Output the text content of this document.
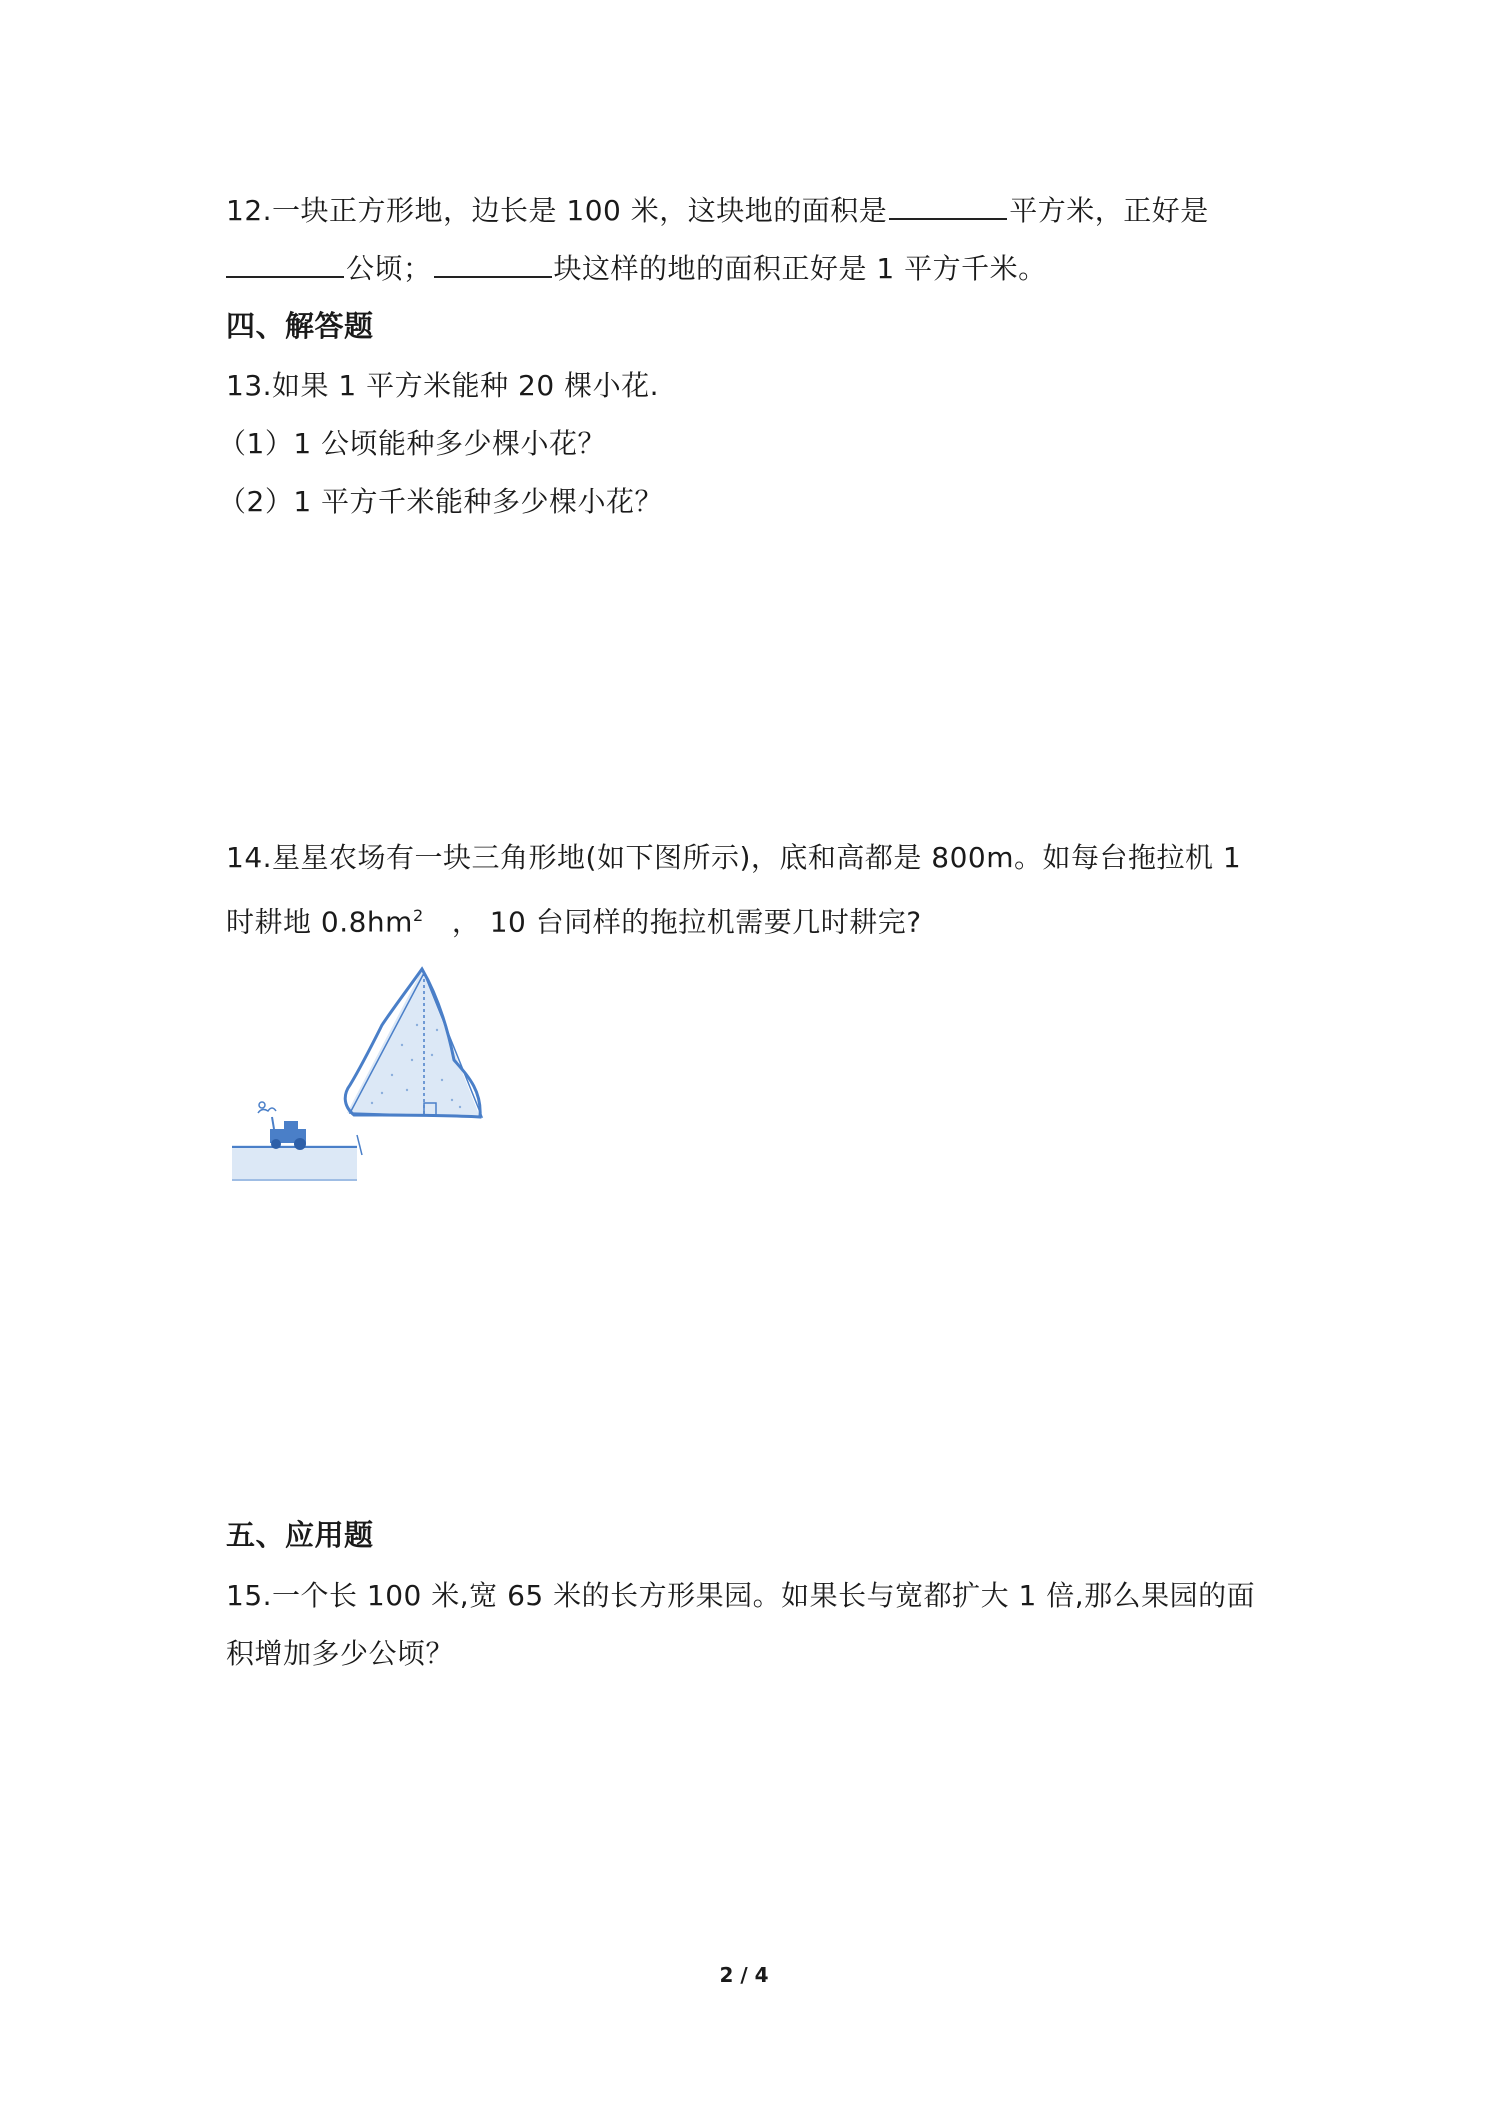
12.一块正方形地，边长是 100 米，这块地的面积是	平方米，正好是
公顷；	块这样的地的面积正好是 1 平方千米。
四、解答题
13.如果 1 平方米能种 20 棵小花.
（1）1 公顷能种多少棵小花？
（2）1 平方千米能种多少棵小花？
14.星星农场有一块三角形地(如下图所示)，底和高都是 800m。如每台拖拉机 1
时耕地 $0.8hm^2$ ， 10 台同样的拖拉机需要几时耕完?
五、应用题
15.一个长 100 米,宽 65 米的长方形果园。如果长与宽都扩大 1 倍,那么果园的面
积增加多少公顷？
2 / 4
